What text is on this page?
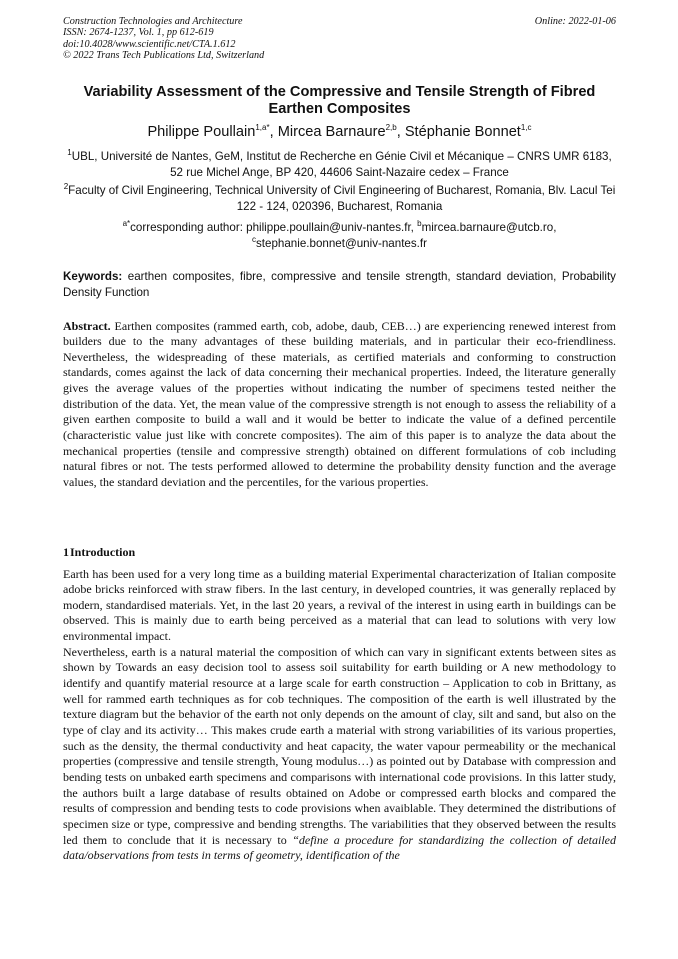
Construction Technologies and Architecture
ISSN: 2674-1237, Vol. 1, pp 612-619
doi:10.4028/www.scientific.net/CTA.1.612
© 2022 Trans Tech Publications Ltd, Switzerland
Online: 2022-01-06
Variability Assessment of the Compressive and Tensile Strength of Fibred Earthen Composites
Philippe Poullain$^{1,a*}$, Mircea Barnaure$^{2,b}$, Stéphanie Bonnet$^{1,c}$
$^1$UBL, Université de Nantes, GeM, Institut de Recherche en Génie Civil et Mécanique – CNRS UMR 6183, 52 rue Michel Ange, BP 420, 44606 Saint-Nazaire cedex – France
$^2$Faculty of Civil Engineering, Technical University of Civil Engineering of Bucharest, Romania, Blv. Lacul Tei 122 - 124, 020396, Bucharest, Romania
$^{a*}$corresponding author: philippe.poullain@univ-nantes.fr, $^b$mircea.barnaure@utcb.ro,
$^c$stephanie.bonnet@univ-nantes.fr
Keywords: earthen composites, fibre, compressive and tensile strength, standard deviation, Probability Density Function

Abstract. Earthen composites (rammed earth, cob, adobe, daub, CEB…) are experiencing renewed interest from builders due to the many advantages of these building materials, and in particular their eco-friendliness. Nevertheless, the widespreading of these materials, as certified materials and conforming to construction standards, comes against the lack of data concerning their mechanical properties. Indeed, the literature generally gives the average values of the properties without indicating the number of specimens tested neither the distribution of the data. Yet, the mean value of the compressive strength is not enough to assess the reliability of a given earthen composite to build a wall and it would be better to indicate the value of a defined percentile (characteristic value just like with concrete composites). The aim of this paper is to analyze the data about the mechanical properties (tensile and compressive strength) obtained on different formulations of cob including natural fibres or not. The tests performed allowed to determine the probability density function and the average values, the standard deviation and the percentiles, for the various properties.

1 Introduction

Earth has been used for a very long time as a building material Experimental characterization of Italian composite adobe bricks reinforced with straw fibers. In the last century, in developed countries, it was generally replaced by modern, standardised materials. Yet, in the last 20 years, a revival of the interest in using earth in buildings can be observed. This is mainly due to earth being perceived as a material that can lead to solutions with very low environmental impact.

Nevertheless, earth is a natural material the composition of which can vary in significant extents between sites as shown by Towards an easy decision tool to assess soil suitability for earth building or A new methodology to identify and quantify material resource at a large scale for earth construction – Application to cob in Brittany, as well for rammed earth techniques as for cob techniques. The composition of the earth is well illustrated by the texture diagram but the behavior of the earth not only depends on the amount of clay, silt and sand, but also on the type of clay and its activity… This makes crude earth a material with strong variabilities of its various properties, such as the density, the thermal conductivity and heat capacity, the water vapour permeability or the mechanical properties (compressive and tensile strength, Young modulus…) as pointed out by Database with compression and bending tests on unbaked earth specimens and comparisons with international code provisions. In this latter study, the authors built a large database of results obtained on Adobe or compressed earth blocks and compared the results of compression and bending tests to code provisions when avaiblable. They determined the distributions of specimen size or type, compressive and bending strengths. The variabilities that they observed between the results led them to conclude that it is necessary to “define a procedure for standardizing the collection of detailed data/observations from tests in terms of geometry, identification of the
